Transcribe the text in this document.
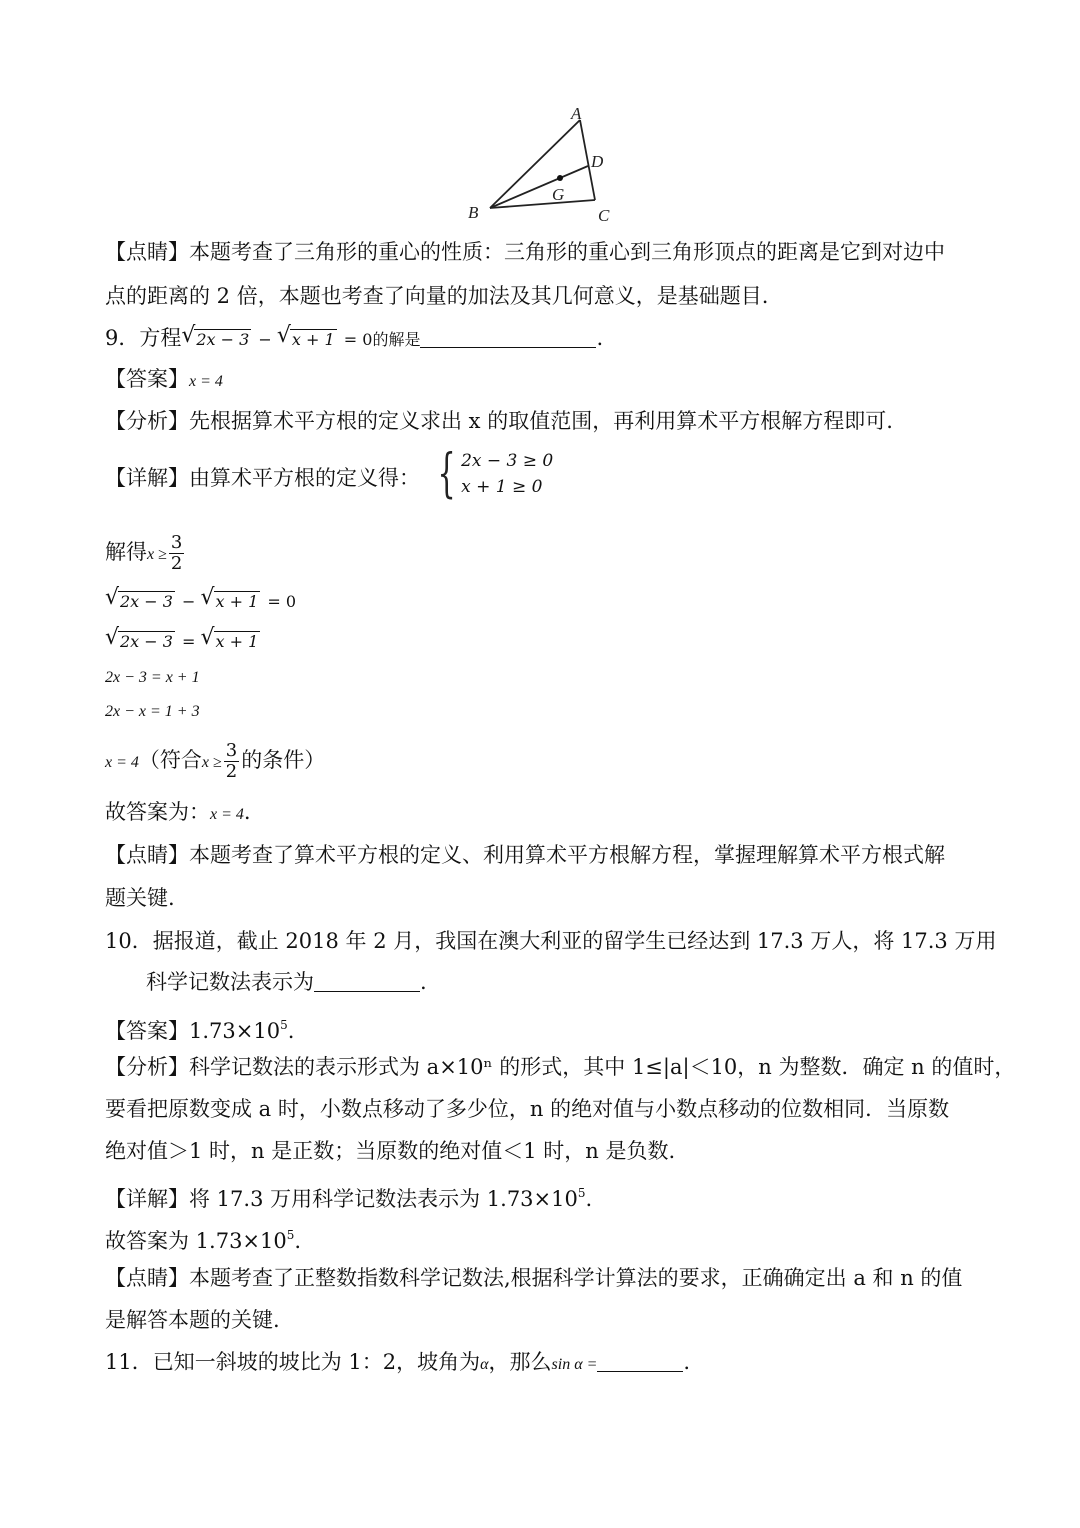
A
D
G
B	C
【点睛】本题考查了三角形的重心的性质：三角形的重心到三角形顶点的距离是它到对边中
点的距离的 2 倍，本题也考查了向量的加法及其几何意义，是基础题目.
9．方程 √ 2x − 3 − √ x + 1 = 0的解是	.
【答案】x = 4
【分析】先根据算术平方根的定义求出 x 的取值范围，再利用算术平方根解方程即可.
【详解】由算术平方根的定义得： { 2x − 3 ≥ 0
x + 1 ≥ 0
解得$x \ge \frac{3}{2}$
√ 2x − 3 − √ x + 1 = 0
√ 2x − 3 = √ x + 1
2x − 3 = x + 1
2x − x = 1 + 3
x = 4（符合$x \ge \frac{3}{2}$ 的条件）
故答案为：x = 4.
【点睛】本题考查了算术平方根的定义、利用算术平方根解方程，掌握理解算术平方根式解
题关键.
10．据报道，截止 2018 年 2 月，我国在澳大利亚的留学生已经达到 17.3 万人，将 17.3 万用
科学记数法表示为	.
【答案】$1.73\times 10^5$.
【分析】科学记数法的表示形式为 a×10ⁿ 的形式，其中 1≤|a|＜10，n 为整数．确定 n 的值时，
要看把原数变成 a 时，小数点移动了多少位，n 的绝对值与小数点移动的位数相同．当原数
绝对值＞1 时，n 是正数；当原数的绝对值＜1 时，n 是负数.
【详解】将 17.3 万用科学记数法表示为 $1.73\times 10^5$.
故答案为 $1.73\times 10^5$.
【点睛】本题考查了正整数指数科学记数法,根据科学计算法的要求，正确确定出 a 和 n 的值
是解答本题的关键.
11．已知一斜坡的坡比为 1：2，坡角为α，那么sin α =	.
